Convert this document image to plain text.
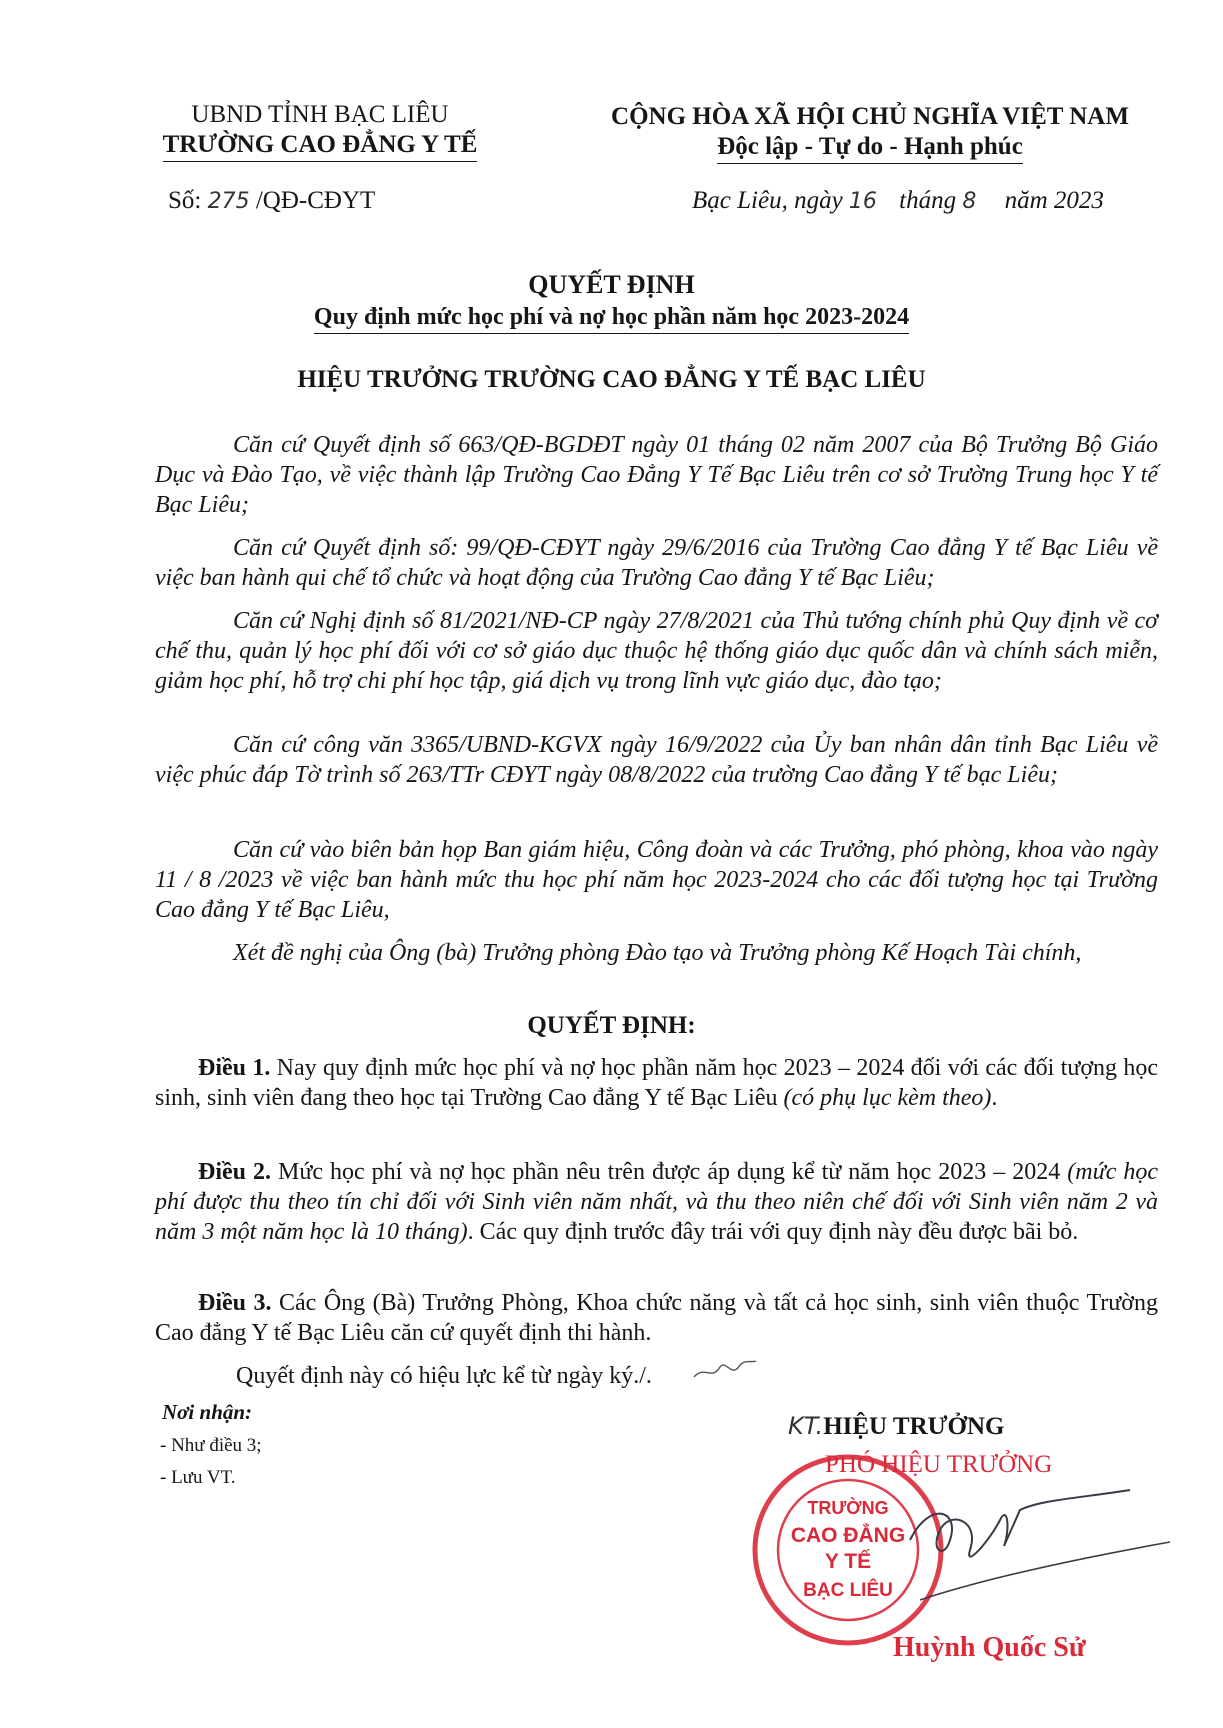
UBND TỈNH BẠC LIÊU
TRƯỜNG CAO ĐẲNG Y TẾ
Số: 275 /QĐ-CĐYT
CỘNG HÒA XÃ HỘI CHỦ NGHĨA VIỆT NAM
Độc lập - Tự do - Hạnh phúc
Bạc Liêu, ngày 16 tháng 8 năm 2023
QUYẾT ĐỊNH
Quy định mức học phí và nợ học phần năm học 2023-2024
HIỆU TRƯỞNG TRƯỜNG CAO ĐẲNG Y TẾ BẠC LIÊU
Căn cứ Quyết định số 663/QĐ-BGDĐT ngày 01 tháng 02 năm 2007 của Bộ Trưởng Bộ Giáo Dục và Đào Tạo, về việc thành lập Trường Cao Đẳng Y Tế Bạc Liêu trên cơ sở Trường Trung học Y tế Bạc Liêu;
Căn cứ Quyết định số: 99/QĐ-CĐYT ngày 29/6/2016 của Trường Cao đẳng Y tế Bạc Liêu về việc ban hành qui chế tổ chức và hoạt động của Trường Cao đẳng Y tế Bạc Liêu;
Căn cứ Nghị định số 81/2021/NĐ-CP ngày 27/8/2021 của Thủ tướng chính phủ Quy định về cơ chế thu, quản lý học phí đối với cơ sở giáo dục thuộc hệ thống giáo dục quốc dân và chính sách miễn, giảm học phí, hỗ trợ chi phí học tập, giá dịch vụ trong lĩnh vực giáo dục, đào tạo;
Căn cứ công văn 3365/UBND-KGVX ngày 16/9/2022 của Ủy ban nhân dân tỉnh Bạc Liêu về việc phúc đáp Tờ trình số 263/TTr CĐYT ngày 08/8/2022 của trường Cao đẳng Y tế bạc Liêu;
Căn cứ vào biên bản họp Ban giám hiệu, Công đoàn và các Trưởng, phó phòng, khoa vào ngày 11 / 8 /2023 về việc ban hành mức thu học phí năm học 2023-2024 cho các đối tượng học tại Trường Cao đẳng Y tế Bạc Liêu,
Xét đề nghị của Ông (bà) Trưởng phòng Đào tạo và Trưởng phòng Kế Hoạch Tài chính,
QUYẾT ĐỊNH:
Điều 1. Nay quy định mức học phí và nợ học phần năm học 2023 – 2024 đối với các đối tượng học sinh, sinh viên đang theo học tại Trường Cao đẳng Y tế Bạc Liêu (có phụ lục kèm theo).
Điều 2. Mức học phí và nợ học phần nêu trên được áp dụng kể từ năm học 2023 – 2024 (mức học phí được thu theo tín chỉ đối với Sinh viên năm nhất, và thu theo niên chế đối với Sinh viên năm 2 và năm 3 một năm học là 10 tháng). Các quy định trước đây trái với quy định này đều được bãi bỏ.
Điều 3. Các Ông (Bà) Trưởng Phòng, Khoa chức năng và tất cả học sinh, sinh viên thuộc Trường Cao đẳng Y tế Bạc Liêu căn cứ quyết định thi hành.
Quyết định này có hiệu lực kể từ ngày ký./.
Nơi nhận:
- Như điều 3;
- Lưu VT.
KT.HIỆU TRƯỞNG
PHÓ HIỆU TRƯỞNG
TRƯỜNG
CAO ĐẲNG
Y TẾ
BẠC LIÊU
Huỳnh Quốc Sử
